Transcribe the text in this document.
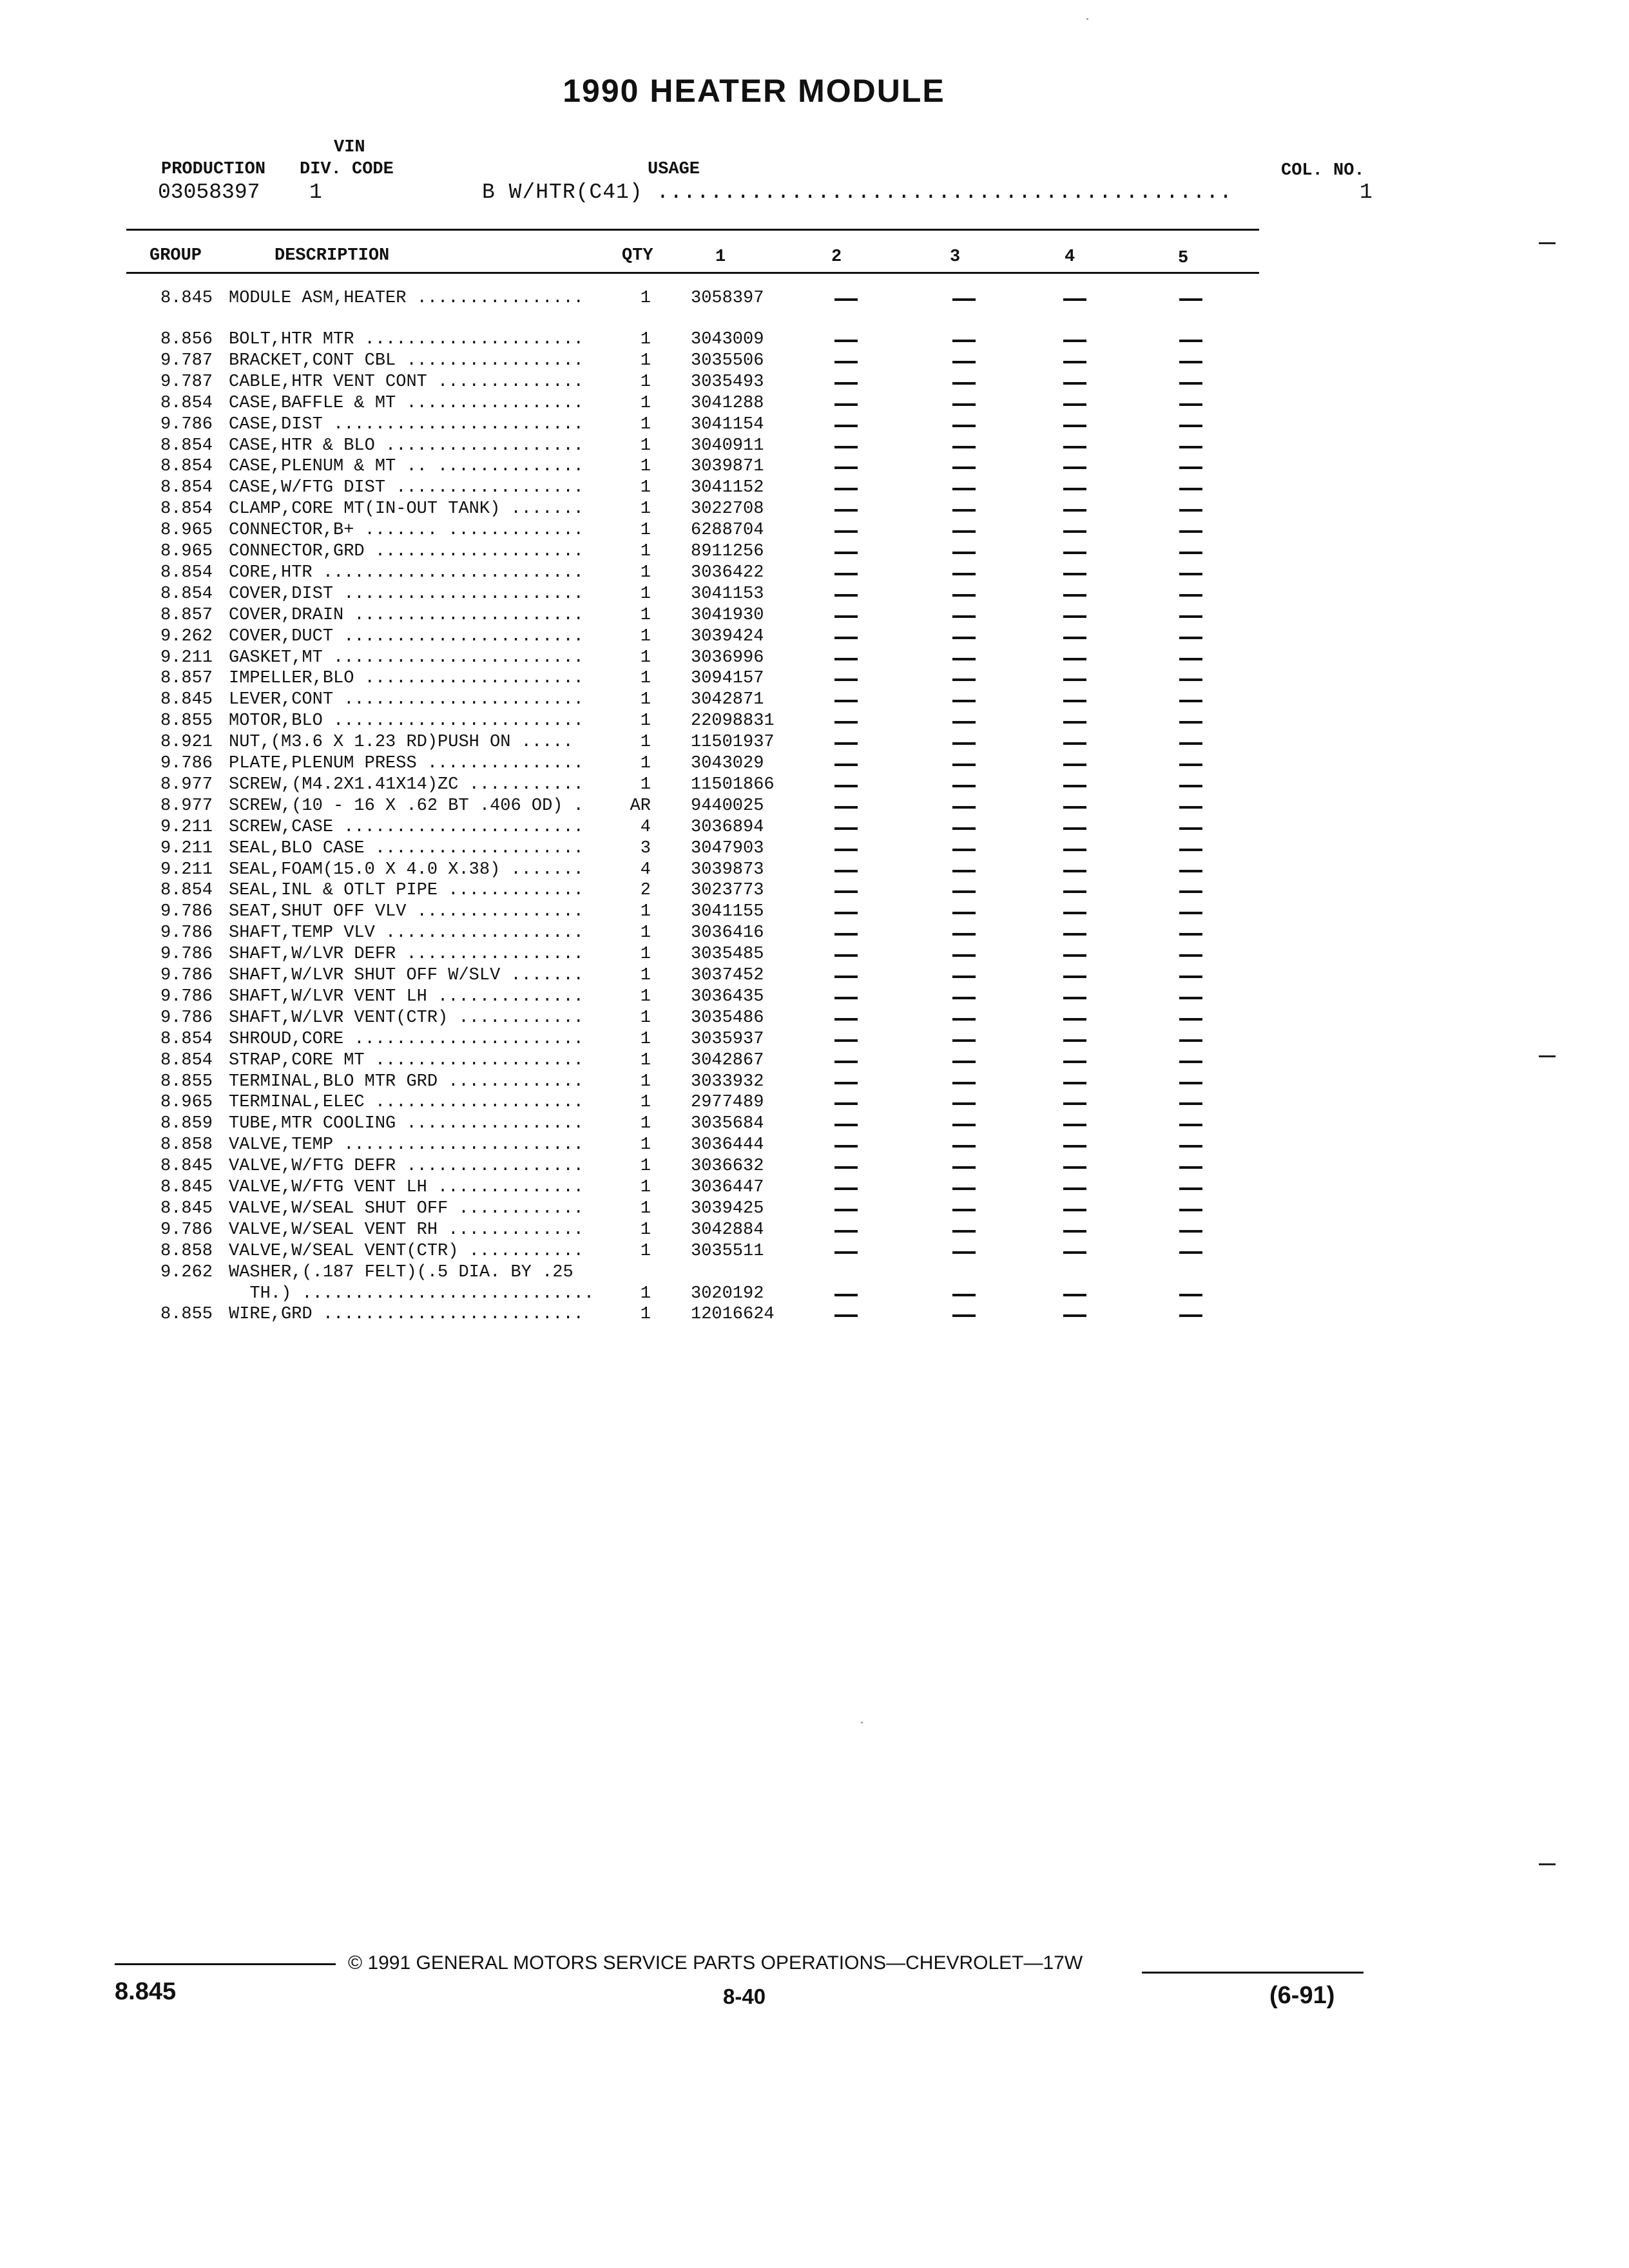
1990 HEATER MODULE
VIN
PRODUCTION DIV. CODE	USAGE	COL. NO.
03058397 1	B W/HTR(C41) ...........................................	1
GROUP	DESCRIPTION	QTY	1	2	3	4	5
8.845 MODULE ASM,HEATER ................	1 3058397
8.856 BOLT,HTR MTR .....................	1 3043009
9.787 BRACKET,CONT CBL .................	1 3035506
9.787 CABLE,HTR VENT CONT ..............	1 3035493
8.854 CASE,BAFFLE & MT .................	1 3041288
9.786 CASE,DIST ........................	1 3041154
8.854 CASE,HTR & BLO ...................	1 3040911
8.854 CASE,PLENUM & MT .. ..............	1 3039871
8.854 CASE,W/FTG DIST ..................	1 3041152
8.854 CLAMP,CORE MT(IN-OUT TANK) .......	1 3022708
8.965 CONNECTOR,B+ ....... .............	1 6288704
8.965 CONNECTOR,GRD ....................	1 8911256
8.854 CORE,HTR .........................	1 3036422
8.854 COVER,DIST .......................	1 3041153
8.857 COVER,DRAIN ......................	1 3041930
9.262 COVER,DUCT .......................	1 3039424
9.211 GASKET,MT ........................	1 3036996
8.857 IMPELLER,BLO .....................	1 3094157
8.845 LEVER,CONT .......................	1 3042871
8.855 MOTOR,BLO ........................	1 22098831
8.921 NUT,(M3.6 X 1.23 RD)PUSH ON .....	1 11501937
9.786 PLATE,PLENUM PRESS ...............	1 3043029
8.977 SCREW,(M4.2X1.41X14)ZC ...........	1 11501866
8.977 SCREW,(10 - 16 X .62 BT .406 OD) .	AR 9440025
9.211 SCREW,CASE .......................	4 3036894
9.211 SEAL,BLO CASE ....................	3 3047903
9.211 SEAL,FOAM(15.0 X 4.0 X.38) .......	4 3039873
8.854 SEAL,INL & OTLT PIPE .............	2 3023773
9.786 SEAT,SHUT OFF VLV ................	1 3041155
9.786 SHAFT,TEMP VLV ...................	1 3036416
9.786 SHAFT,W/LVR DEFR .................	1 3035485
9.786 SHAFT,W/LVR SHUT OFF W/SLV .......	1 3037452
9.786 SHAFT,W/LVR VENT LH ..............	1 3036435
9.786 SHAFT,W/LVR VENT(CTR) ............	1 3035486
8.854 SHROUD,CORE ......................	1 3035937
8.854 STRAP,CORE MT ....................	1 3042867
8.855 TERMINAL,BLO MTR GRD .............	1 3033932
8.965 TERMINAL,ELEC ....................	1 2977489
8.859 TUBE,MTR COOLING .................	1 3035684
8.858 VALVE,TEMP .......................	1 3036444
8.845 VALVE,W/FTG DEFR .................	1 3036632
8.845 VALVE,W/FTG VENT LH ..............	1 3036447
8.845 VALVE,W/SEAL SHUT OFF ............	1 3039425
9.786 VALVE,W/SEAL VENT RH .............	1 3042884
8.858 VALVE,W/SEAL VENT(CTR) ...........	1 3035511
9.262 WASHER,(.187 FELT)(.5 DIA. BY .25
TH.) ............................	1 3020192
8.855 WIRE,GRD .........................	1 12016624
© 1991 GENERAL MOTORS SERVICE PARTS OPERATIONS—CHEVROLET—17W
8.845	8-40	(6-91)
